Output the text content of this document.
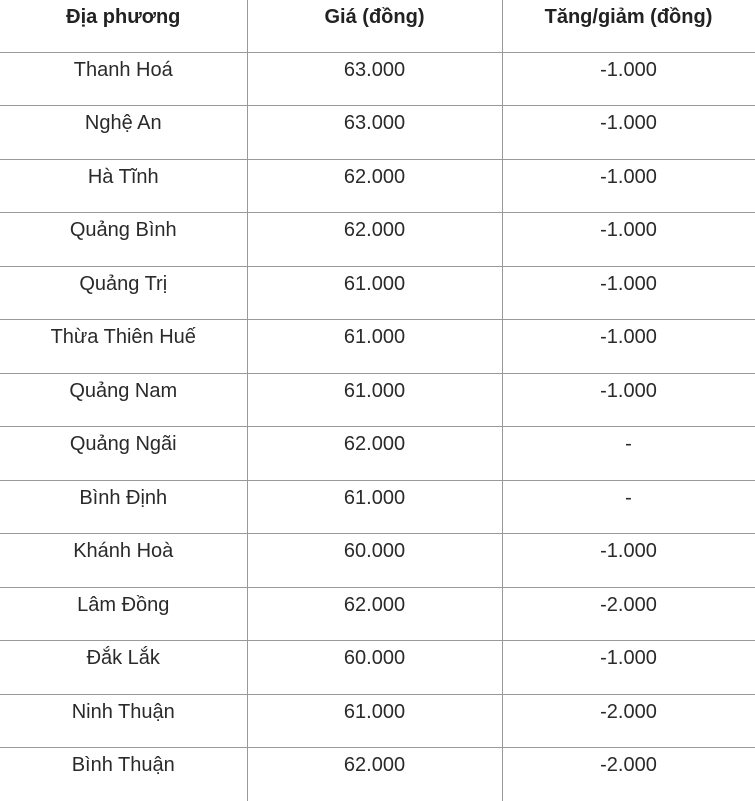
Địa phương	Giá (đồng)	Tăng/giảm (đồng)
Thanh Hoá	63.000	-1.000
Nghệ An	63.000	-1.000
Hà Tĩnh	62.000	-1.000
Quảng Bình	62.000	-1.000
Quảng Trị	61.000	-1.000
Thừa Thiên Huế	61.000	-1.000
Quảng Nam	61.000	-1.000
Quảng Ngãi	62.000	-
Bình Định	61.000	-
Khánh Hoà	60.000	-1.000
Lâm Đồng	62.000	-2.000
Đắk Lắk	60.000	-1.000
Ninh Thuận	61.000	-2.000
Bình Thuận	62.000	-2.000
